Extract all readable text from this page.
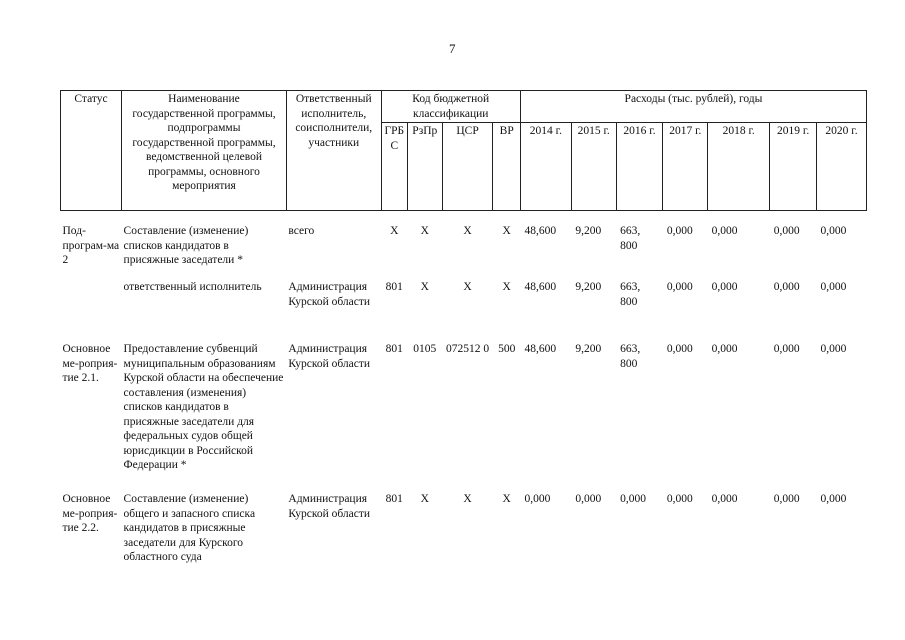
7
Статус	Наименование государственной программы, подпрограммы государственной программы, ведомственной целевой программы, основного мероприятия	Ответственный исполнитель, соисполнители, участники	Код бюджетной классификации				Расходы (тыс. рублей), годы						
			ГРБС	РзПр	ЦСР	ВР	2014 г.	2015 г.	2016 г.	2017 г.	2018 г.	2019 г.	2020 г.

Под-програм-ма 2	Составление (изменение) списков кандидатов в присяжные заседатели *	всего	Х	Х	Х	Х	48,600	9,200	663, 800	0,000	0,000	0,000	0,000
	ответственный исполнитель	Администрация Курской области	801	Х	Х	Х	48,600	9,200	663, 800	0,000	0,000	0,000	0,000
Основное ме-роприя-тие 2.1.	Предоставление субвенций муниципальным образованиям Курской области на обеспечение составления (изменения) списков кандидатов в присяжные заседатели для федеральных судов общей юрисдикции в Российской Федерации *	Администрация Курской области	801	0105	072512 0	500	48,600	9,200	663, 800	0,000	0,000	0,000	0,000
Основное ме-роприя-тие 2.2.	Составление (изменение) общего и запасного списка кандидатов в присяжные заседатели для Курского областного суда	Администрация Курской области	801	Х	Х	Х	0,000	0,000	0,000	0,000	0,000	0,000	0,000
